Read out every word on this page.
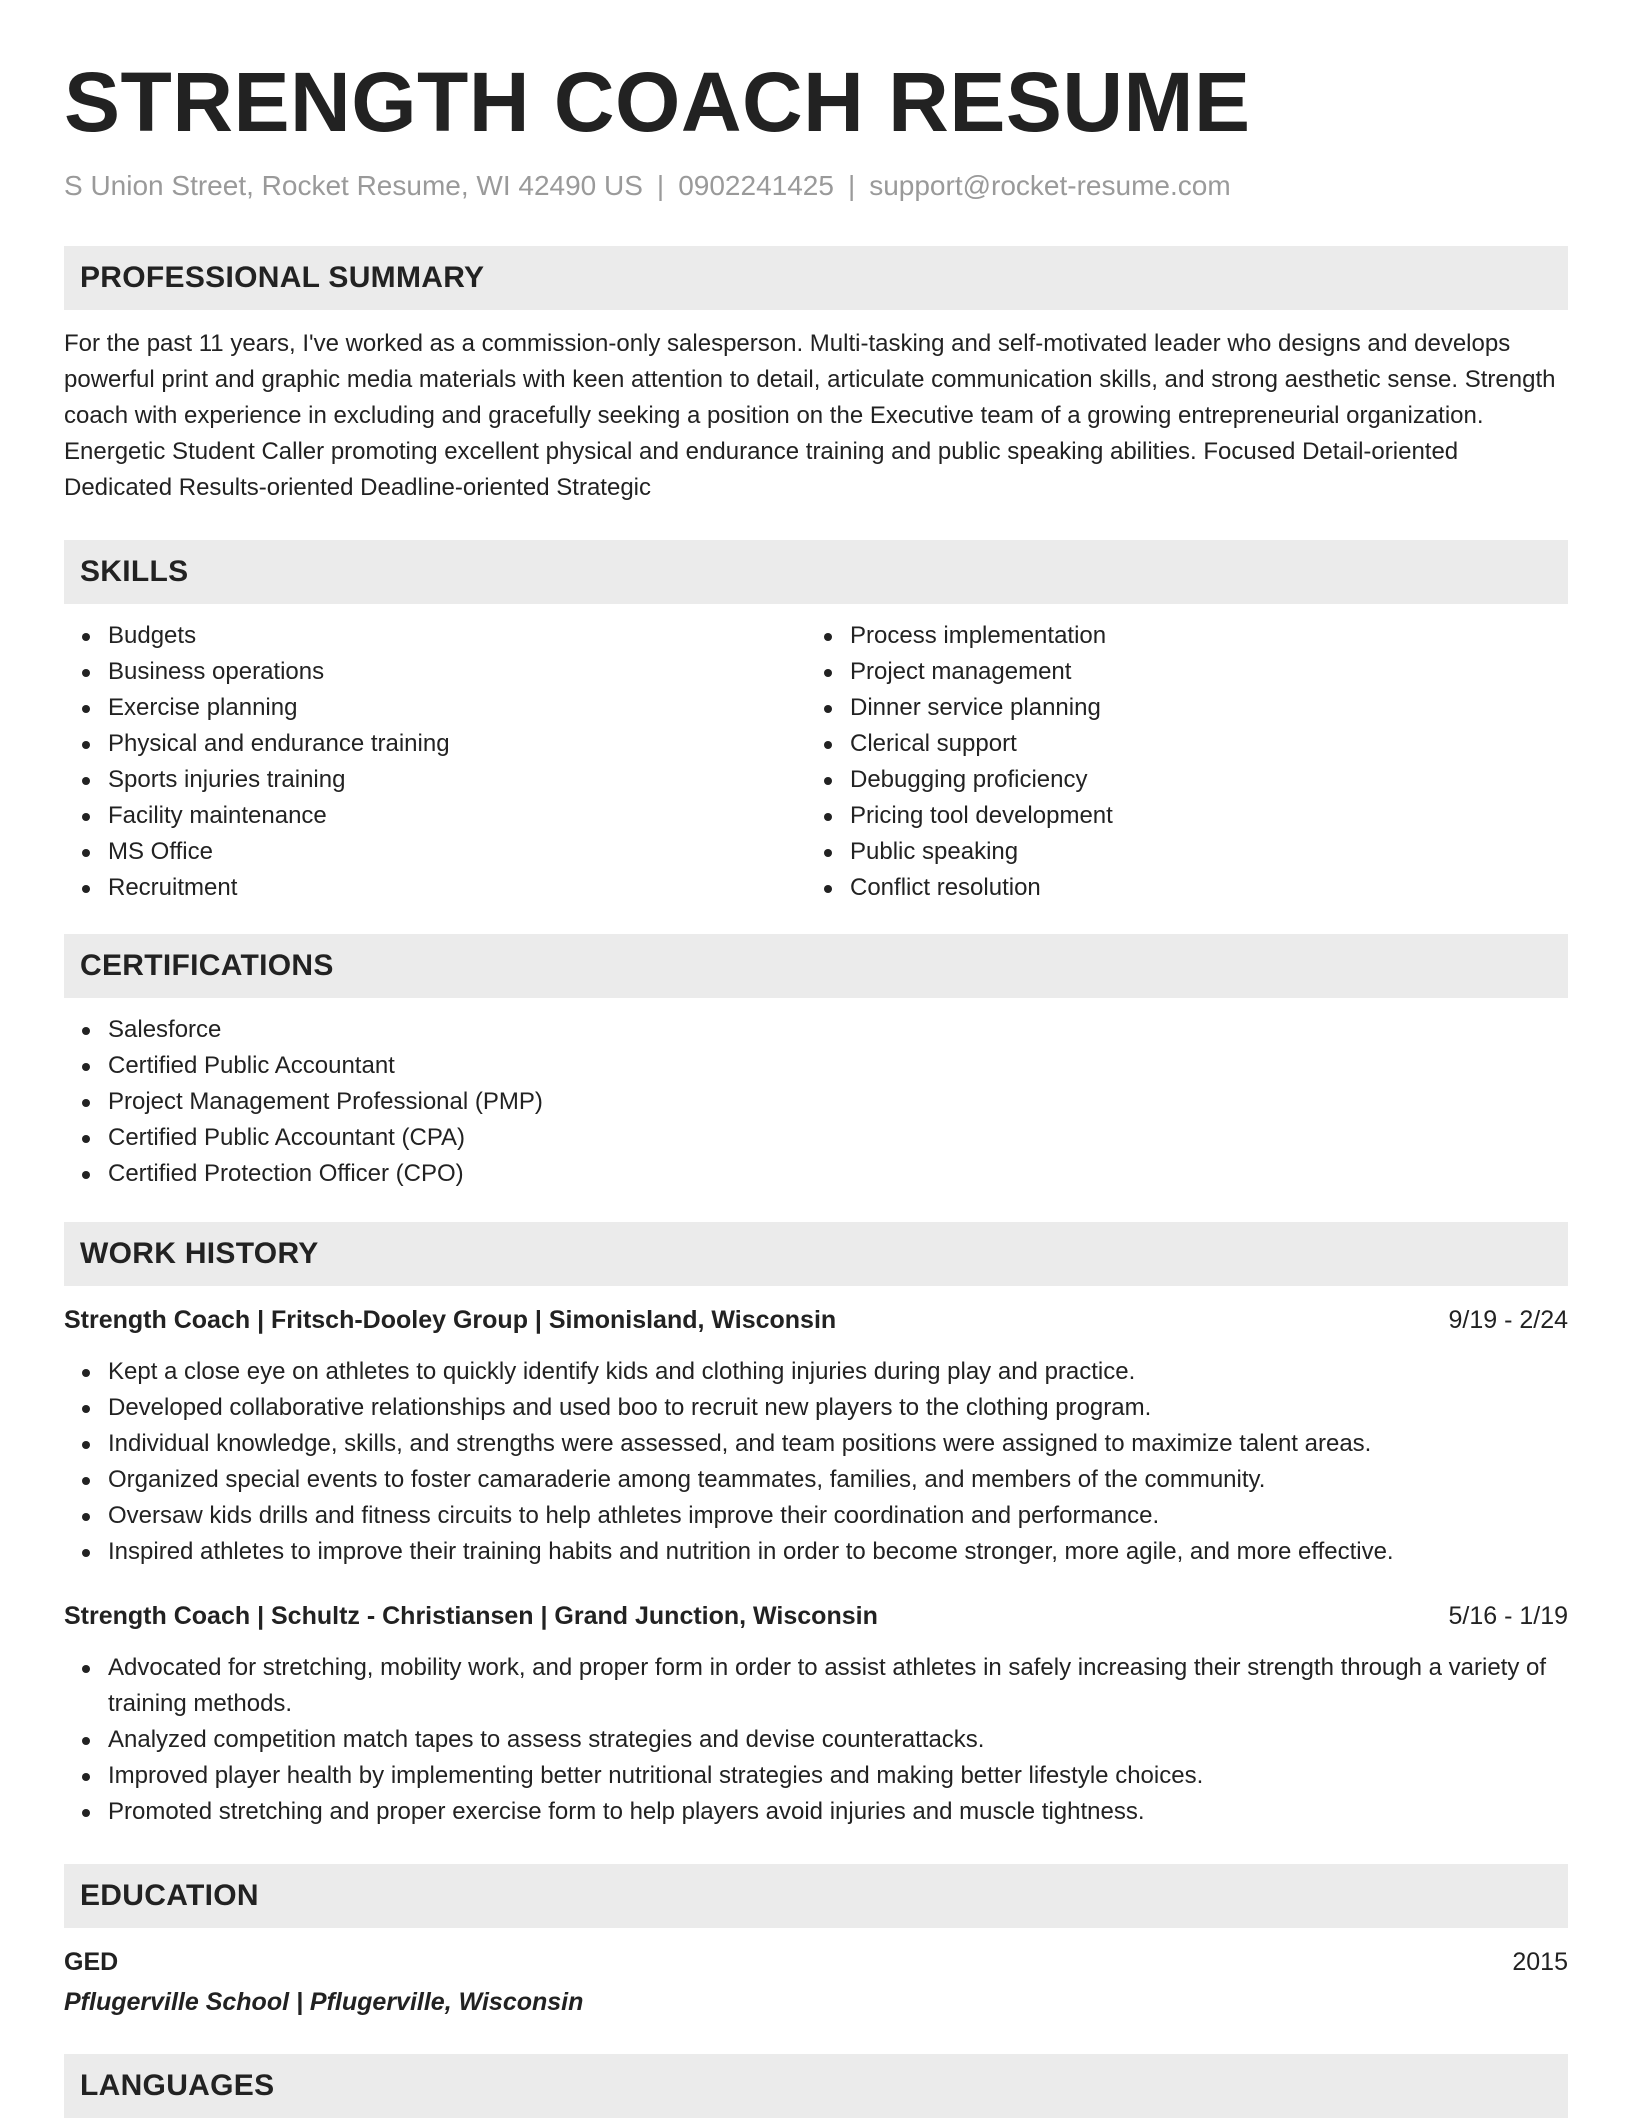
STRENGTH COACH RESUME
S Union Street, Rocket Resume, WI 42490 US | 0902241425 | support@rocket-resume.com
PROFESSIONAL SUMMARY

For the past 11 years, I've worked as a commission-only salesperson. Multi-tasking and self-motivated leader who designs and develops powerful print and graphic media materials with keen attention to detail, articulate communication skills, and strong aesthetic sense. Strength coach with experience in excluding and gracefully seeking a position on the Executive team of a growing entrepreneurial organization. Energetic Student Caller promoting excellent physical and endurance training and public speaking abilities. Focused Detail-oriented Dedicated Results-oriented Deadline-oriented Strategic

SKILLS
Budgets
Business operations
Exercise planning
Physical and endurance training
Sports injuries training
Facility maintenance
MS Office
Recruitment
Process implementation
Project management
Dinner service planning
Clerical support
Debugging proficiency
Pricing tool development
Public speaking
Conflict resolution
CERTIFICATIONS
Salesforce
Certified Public Accountant
Project Management Professional (PMP)
Certified Public Accountant (CPA)
Certified Protection Officer (CPO)
WORK HISTORY
Strength Coach | Fritsch-Dooley Group | Simonisland, Wisconsin	9/19 - 2/24
Kept a close eye on athletes to quickly identify kids and clothing injuries during play and practice.
Developed collaborative relationships and used boo to recruit new players to the clothing program.
Individual knowledge, skills, and strengths were assessed, and team positions were assigned to maximize talent areas.
Organized special events to foster camaraderie among teammates, families, and members of the community.
Oversaw kids drills and fitness circuits to help athletes improve their coordination and performance.
Inspired athletes to improve their training habits and nutrition in order to become stronger, more agile, and more effective.
Strength Coach | Schultz - Christiansen | Grand Junction, Wisconsin	5/16 - 1/19
Advocated for stretching, mobility work, and proper form in order to assist athletes in safely increasing their strength through a variety of training methods.
Analyzed competition match tapes to assess strategies and devise counterattacks.
Improved player health by implementing better nutritional strategies and making better lifestyle choices.
Promoted stretching and proper exercise form to help players avoid injuries and muscle tightness.
EDUCATION
GED	2015
Pflugerville School | Pflugerville, Wisconsin
LANGUAGES
